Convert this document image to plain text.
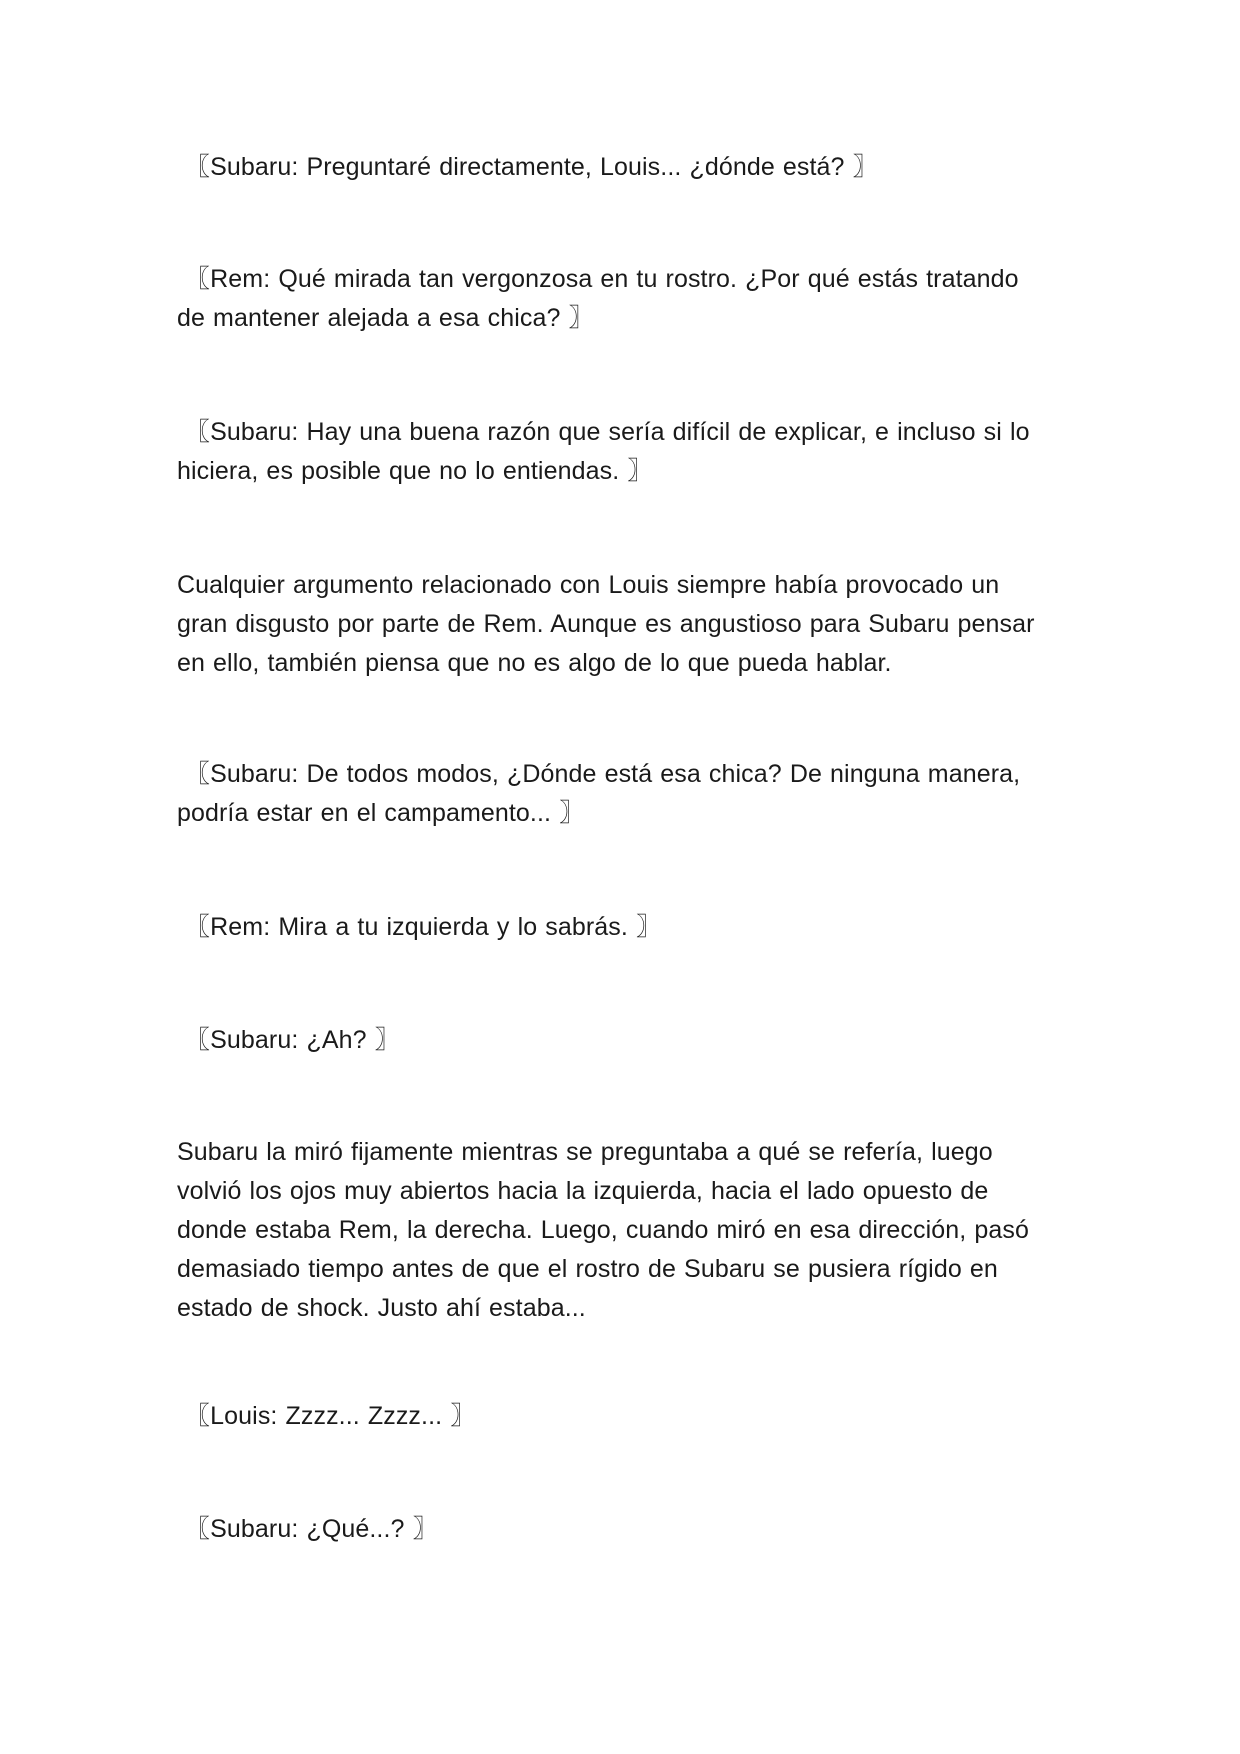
〖Subaru: Preguntaré directamente, Louis... ¿dónde está? 〗

〖Rem: Qué mirada tan vergonzosa en tu rostro. ¿Por qué estás tratando
de mantener alejada a esa chica? 〗

〖Subaru: Hay una buena razón que sería difícil de explicar, e incluso si lo
hiciera, es posible que no lo entiendas. 〗

Cualquier argumento relacionado con Louis siempre había provocado un
gran disgusto por parte de Rem. Aunque es angustioso para Subaru pensar
en ello, también piensa que no es algo de lo que pueda hablar.

〖Subaru: De todos modos, ¿Dónde está esa chica? De ninguna manera,
podría estar en el campamento... 〗

〖Rem: Mira a tu izquierda y lo sabrás. 〗

〖Subaru: ¿Ah? 〗

Subaru la miró fijamente mientras se preguntaba a qué se refería, luego
volvió los ojos muy abiertos hacia la izquierda, hacia el lado opuesto de
donde estaba Rem, la derecha. Luego, cuando miró en esa dirección, pasó
demasiado tiempo antes de que el rostro de Subaru se pusiera rígido en
estado de shock. Justo ahí estaba...

〖Louis: Zzzz... Zzzz... 〗

〖Subaru: ¿Qué...? 〗
